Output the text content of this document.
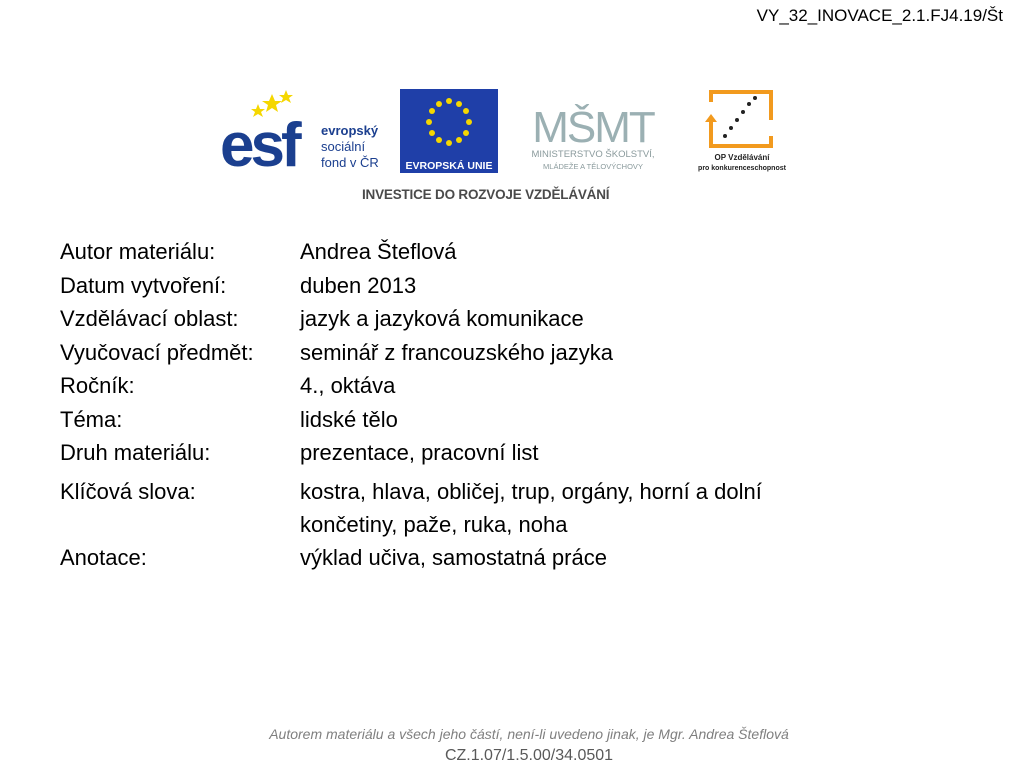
VY_32_INOVACE_2.1.FJ4.19/Št
esf	evropský
sociální
fond v ČR	EVROPSKÁ UNIE
MŠMT
MINISTERSTVO ŠKOLSTVÍ,
MLÁDEŽE A TĚLOVÝCHOVY
OP Vzdělávání
pro konkurenceschopnost
INVESTICE DO ROZVOJE VZDĚLÁVÁNÍ
Autor materiálu:	Andrea Šteflová
Datum vytvoření:	duben 2013
Vzdělávací oblast:	jazyk a jazyková komunikace
Vyučovací předmět:	seminář z francouzského jazyka
Ročník:	4., oktáva
Téma:	lidské tělo
Druh materiálu:	prezentace, pracovní list
Klíčová slova:	kostra, hlava, obličej, trup, orgány, horní a dolní končetiny, paže, ruka, noha
Anotace:	výklad učiva, samostatná práce
Autorem materiálu a všech jeho částí, není-li uvedeno jinak, je Mgr. Andrea Šteflová
CZ.1.07/1.5.00/34.0501
